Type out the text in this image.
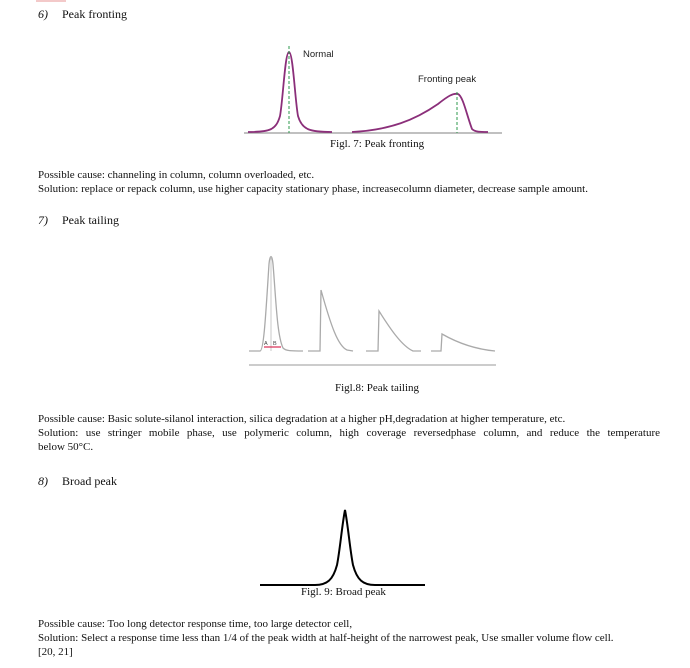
6) Peak fronting
Normal
Fronting peak
Figl. 7: Peak fronting
Possible cause: channeling in column, column overloaded, etc.
Solution: replace or repack column, use higher capacity stationary phase, increasecolumn diameter, decrease sample amount.
7) Peak tailing
A B
Figl.8: Peak tailing
Possible cause: Basic solute-silanol interaction, silica degradation at a higher pH,degradation at higher temperature, etc.
Solution: use stringer mobile phase, use polymeric column, high coverage reversedphase column, and reduce the temperature
below 50°C.
8) Broad peak
Figl. 9: Broad peak
Possible cause: Too long detector response time, too large detector cell,
Solution: Select a response time less than 1/4 of the peak width at half-height of the narrowest peak, Use smaller volume flow cell.
[20, 21]
